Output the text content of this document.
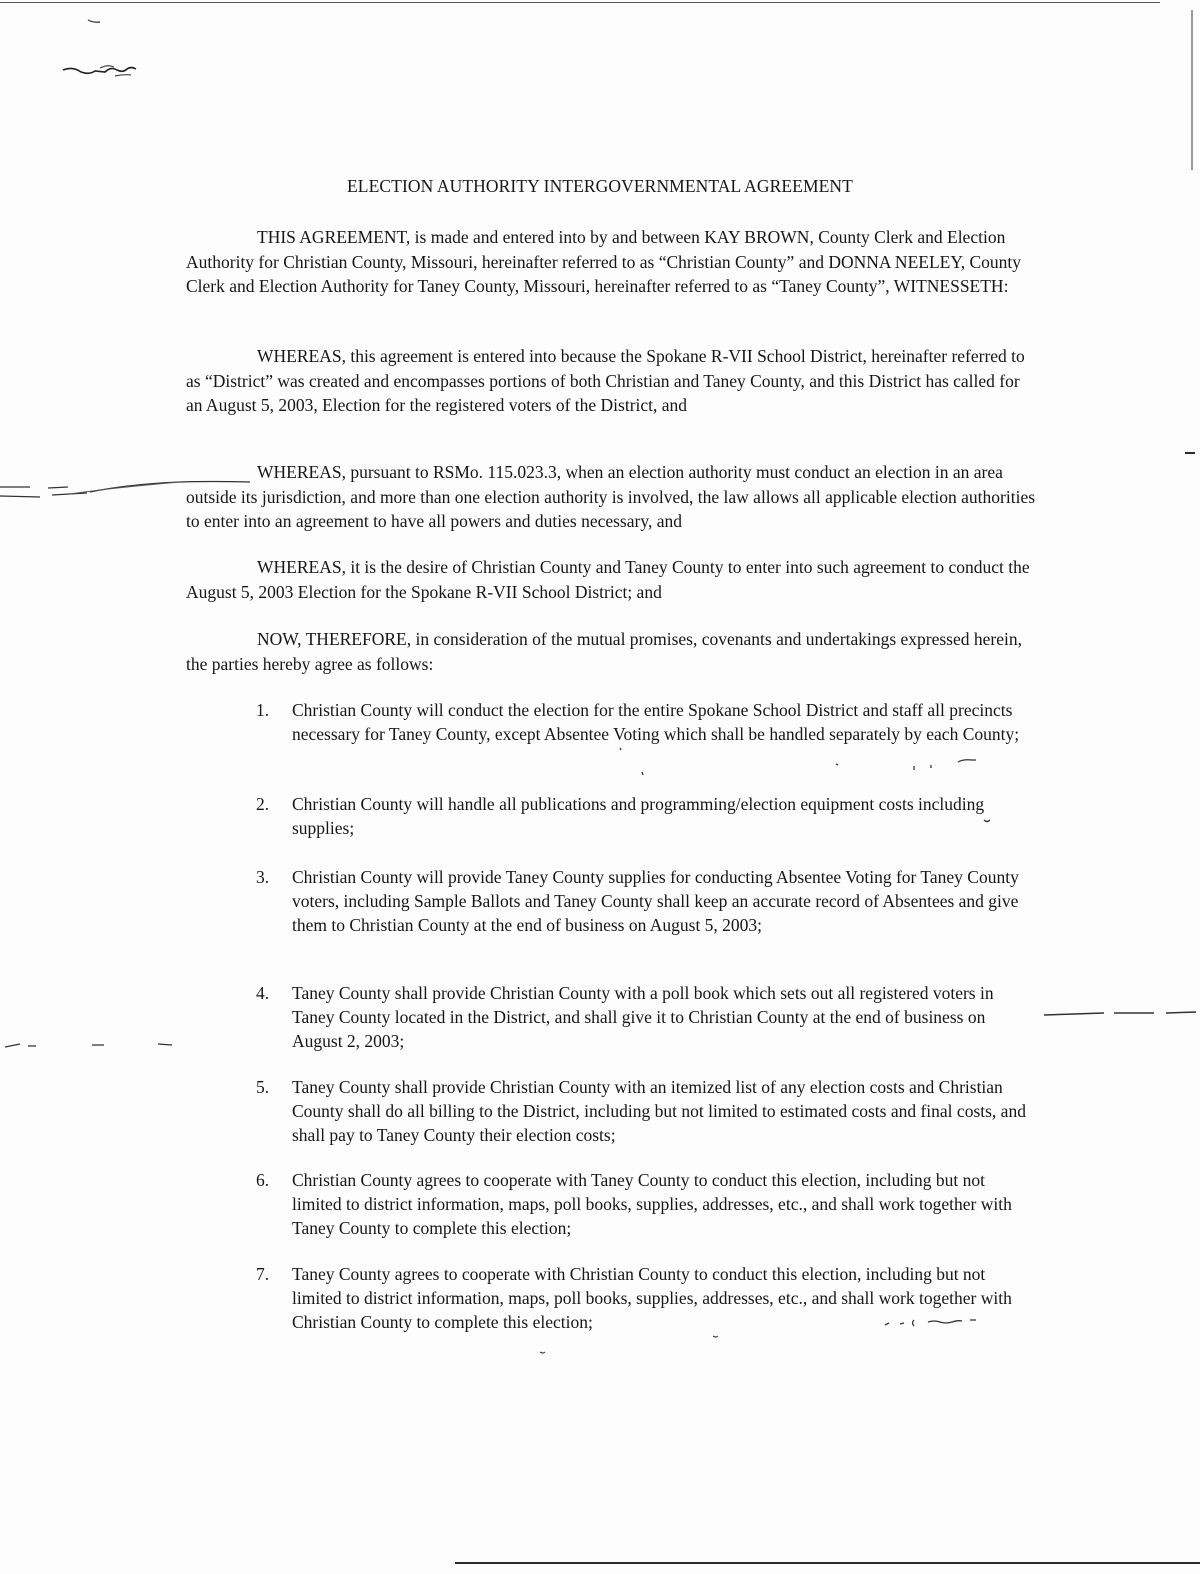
ELECTION AUTHORITY INTERGOVERNMENTAL AGREEMENT

THIS AGREEMENT, is made and entered into by and between KAY BROWN, County Clerk and Election Authority for Christian County, Missouri, hereinafter referred to as “Christian County” and DONNA NEELEY, County Clerk and Election Authority for Taney County, Missouri, hereinafter referred to as “Taney County”, WITNESSETH:

WHEREAS, this agreement is entered into because the Spokane R-VII School District, hereinafter referred to as “District” was created and encompasses portions of both Christian and Taney County, and this District has called for an August 5, 2003, Election for the registered voters of the District, and

WHEREAS, pursuant to RSMo. 115.023.3, when an election authority must conduct an election in an area outside its jurisdiction, and more than one election authority is involved, the law allows all applicable election authorities to enter into an agreement to have all powers and duties necessary, and

WHEREAS, it is the desire of Christian County and Taney County to enter into such agreement to conduct the August 5, 2003 Election for the Spokane R-VII School District; and

NOW, THEREFORE, in consideration of the mutual promises, covenants and undertakings expressed herein, the parties hereby agree as follows:

1.	Christian County will conduct the election for the entire Spokane School District and staff all precincts necessary for Taney County, except Absentee Voting which shall be handled separately by each County;
2.	Christian County will handle all publications and programming/election equipment costs including supplies;
3.	Christian County will provide Taney County supplies for conducting Absentee Voting for Taney County voters, including Sample Ballots and Taney County shall keep an accurate record of Absentees and give them to Christian County at the end of business on August 5, 2003;
4.	Taney County shall provide Christian County with a poll book which sets out all registered voters in Taney County located in the District, and shall give it to Christian County at the end of business on August 2, 2003;
5.	Taney County shall provide Christian County with an itemized list of any election costs and Christian County shall do all billing to the District, including but not limited to estimated costs and final costs, and shall pay to Taney County their election costs;
6.	Christian County agrees to cooperate with Taney County to conduct this election, including but not limited to district information, maps, poll books, supplies, addresses, etc., and shall work together with Taney County to complete this election;
7.	Taney County agrees to cooperate with Christian County to conduct this election, including but not limited to district information, maps, poll books, supplies, addresses, etc., and shall work together with Christian County to complete this election;
